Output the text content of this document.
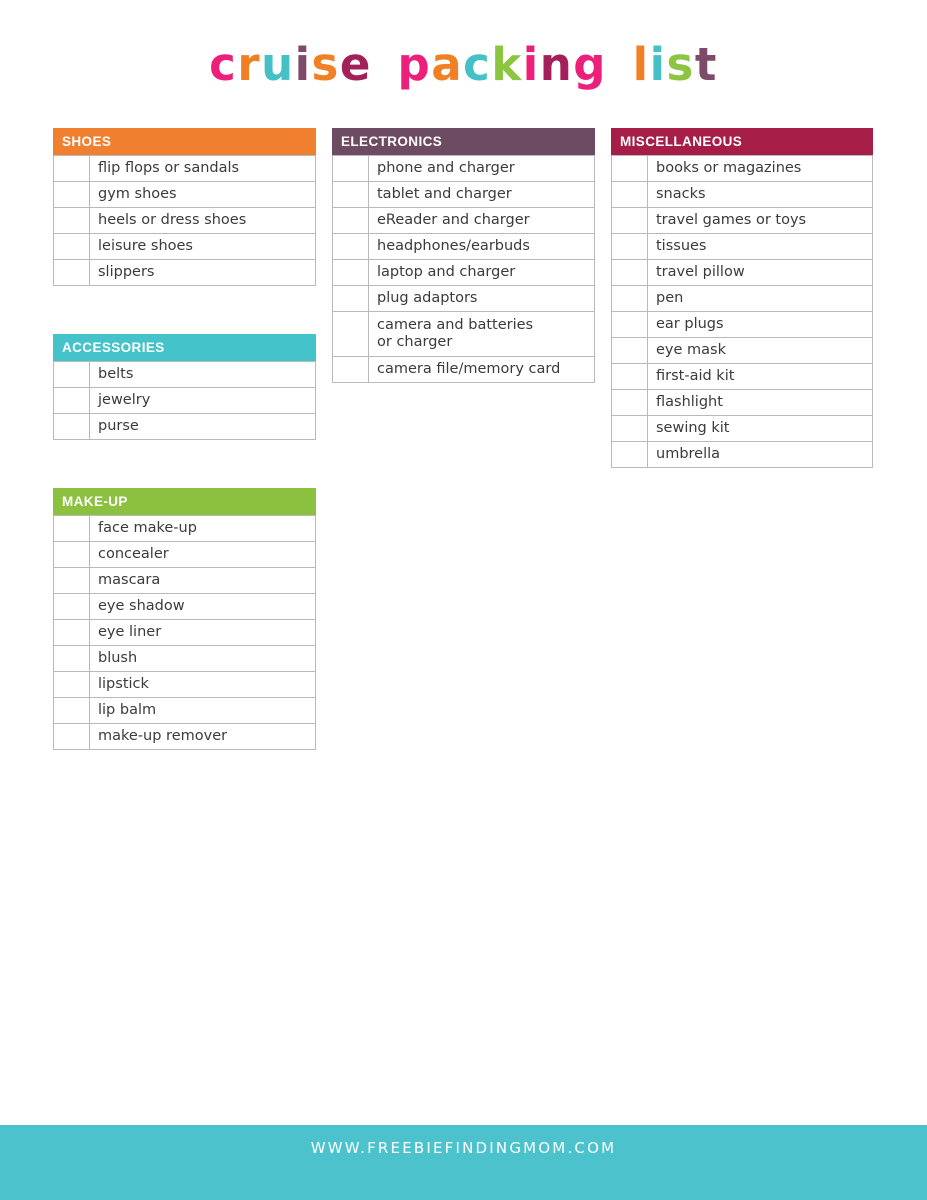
cruise packing list
SHOES
	flip flops or sandals
	gym shoes
	heels or dress shoes
	leisure shoes
	slippers
ACCESSORIES
	belts
	jewelry
	purse
MAKE-UP
	face make-up
	concealer
	mascara
	eye shadow
	eye liner
	blush
	lipstick
	lip balm
	make-up remover
ELECTRONICS
	phone and charger
	tablet and charger
	eReader and charger
	headphones/earbuds
	laptop and charger
	plug adaptors

	camera and batteries
or charger

	camera file/memory card
MISCELLANEOUS
	books or magazines
	snacks
	travel games or toys
	tissues
	travel pillow
	pen
	ear plugs
	eye mask
	first-aid kit
	flashlight
	sewing kit
	umbrella
WWW.FREEBIEFINDINGMOM.COM
